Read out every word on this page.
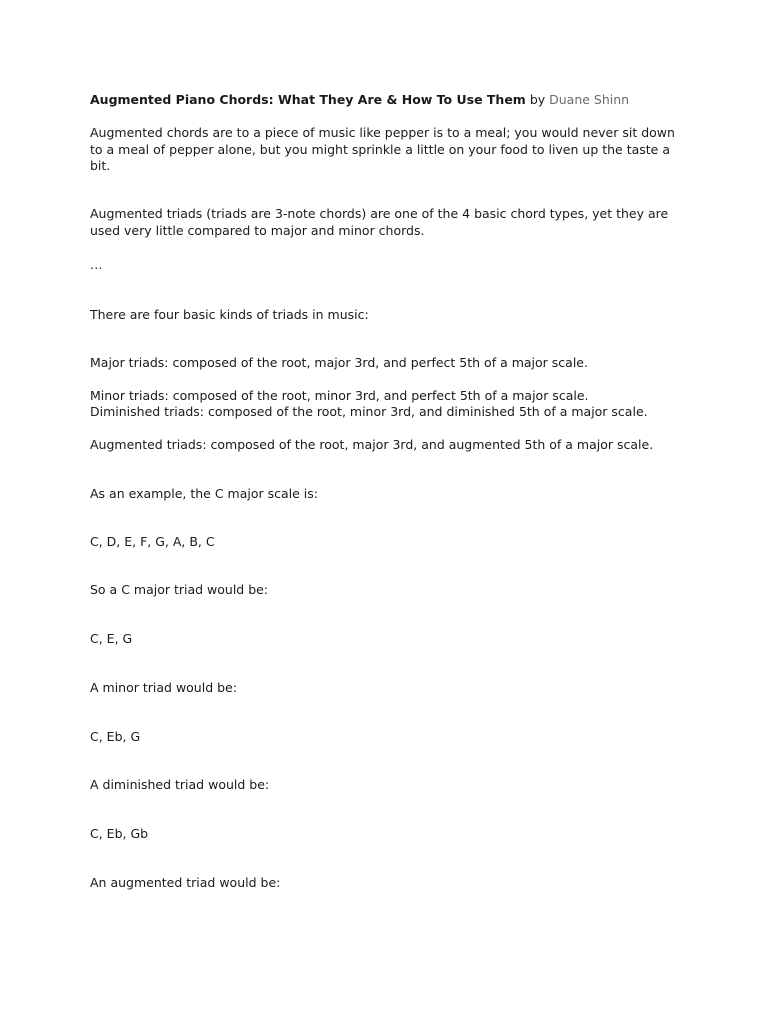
Augmented Piano Chords: What They Are & How To Use Them by Duane Shinn

Augmented chords are to a piece of music like pepper is to a meal; you would never sit down to a meal of pepper alone, but you might sprinkle a little on your food to liven up the taste a bit.

Augmented triads (triads are 3-note chords) are one of the 4 basic chord types, yet they are used very little compared to major and minor chords.

…

There are four basic kinds of triads in music:

Major triads: composed of the root, major 3rd, and perfect 5th of a major scale.

Minor triads: composed of the root, minor 3rd, and perfect 5th of a major scale.

Diminished triads: composed of the root, minor 3rd, and diminished 5th of a major scale.

Augmented triads: composed of the root, major 3rd, and augmented 5th of a major scale.

As an example, the C major scale is:

C, D, E, F, G, A, B, C

So a C major triad would be:

C, E, G

A minor triad would be:

C, Eb, G

A diminished triad would be:

C, Eb, Gb

An augmented triad would be:
